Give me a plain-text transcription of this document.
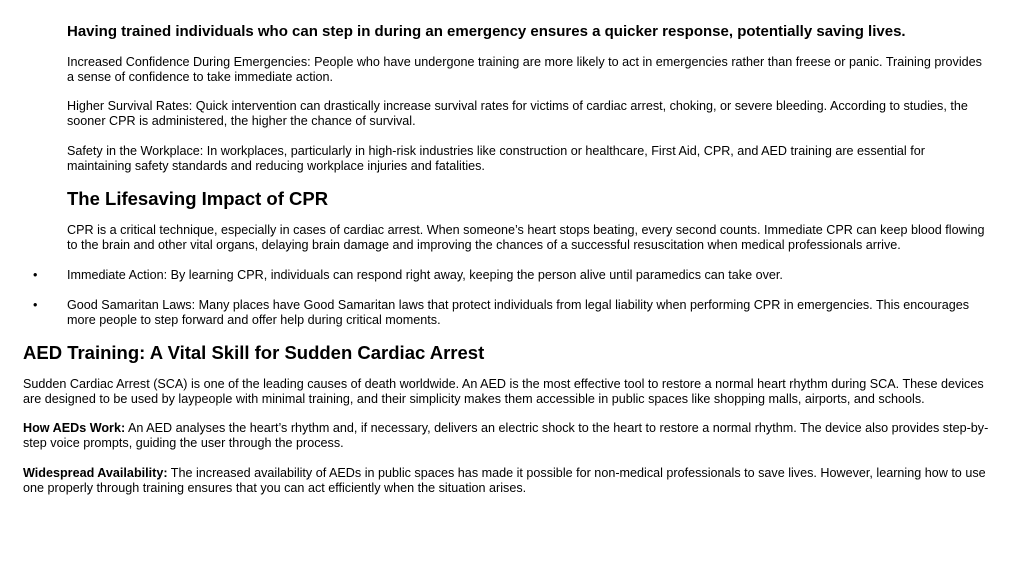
Having trained individuals who can step in during an emergency ensures a quicker response, potentially saving lives.

Increased Confidence During Emergencies: People who have undergone training are more likely to act in emergencies rather than freese or panic. Training provides a sense of confidence to take immediate action.

Higher Survival Rates: Quick intervention can drastically increase survival rates for victims of cardiac arrest, choking, or severe bleeding. According to studies, the sooner CPR is administered, the higher the chance of survival.

Safety in the Workplace: In workplaces, particularly in high-risk industries like construction or healthcare, First Aid, CPR, and AED training are essential for maintaining safety standards and reducing workplace injuries and fatalities.

The Lifesaving Impact of CPR

CPR is a critical technique, especially in cases of cardiac arrest. When someone’s heart stops beating, every second counts. Immediate CPR can keep blood flowing to the brain and other vital organs, delaying brain damage and improving the chances of a successful resuscitation when medical professionals arrive.

• Immediate Action: By learning CPR, individuals can respond right away, keeping the person alive until paramedics can take over.

• Good Samaritan Laws: Many places have Good Samaritan laws that protect individuals from legal liability when performing CPR in emergencies. This encourages more people to step forward and offer help during critical moments.

AED Training: A Vital Skill for Sudden Cardiac Arrest

Sudden Cardiac Arrest (SCA) is one of the leading causes of death worldwide. An AED is the most effective tool to restore a normal heart rhythm during SCA. These devices are designed to be used by laypeople with minimal training, and their simplicity makes them accessible in public spaces like shopping malls, airports, and schools.

How AEDs Work: An AED analyses the heart’s rhythm and, if necessary, delivers an electric shock to the heart to restore a normal rhythm. The device also provides step-by-step voice prompts, guiding the user through the process.

Widespread Availability: The increased availability of AEDs in public spaces has made it possible for non-medical professionals to save lives. However, learning how to use one properly through training ensures that you can act efficiently when the situation arises.
